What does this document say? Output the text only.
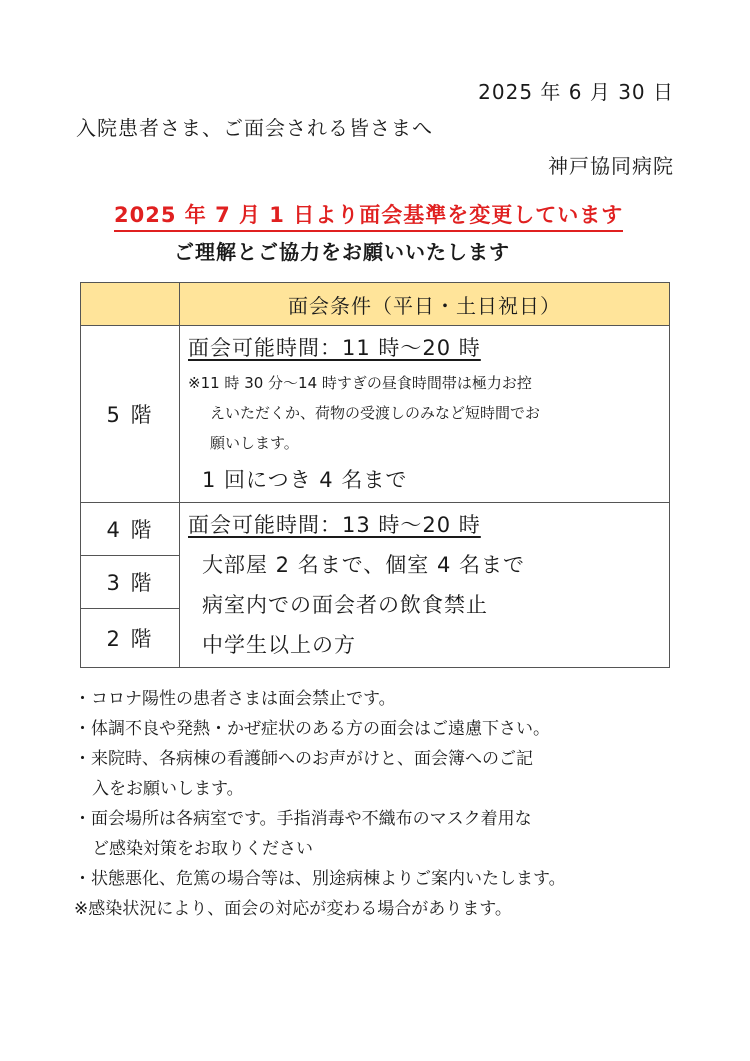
2025 年 6 月 30 日
入院患者さま、ご面会される皆さまへ
神戸協同病院
2025 年 7 月 1 日より面会基準を変更しています
ご理解とご協力をお願いいたします
	面会条件（平日・土日祝日）
5 階	面会可能時間：11 時～20 時
※11 時 30 分～14 時すぎの昼食時間帯は極力お控
えいただくか、荷物の受渡しのみなど短時間でお
願いします。
1 回につき 4 名まで

4 階	面会可能時間：13 時～20 時
大部屋 2 名まで、個室 4 名まで
病室内での面会者の飲食禁止
中学生以上の方

3 階	
2 階	
・コロナ陽性の患者さまは面会禁止です。
・体調不良や発熱・かぜ症状のある方の面会はご遠慮下さい。
・来院時、各病棟の看護師へのお声がけと、面会簿へのご記
入をお願いします。
・面会場所は各病室です。手指消毒や不織布のマスク着用な
ど感染対策をお取りください
・状態悪化、危篤の場合等は、別途病棟よりご案内いたします。
※感染状況により、面会の対応が変わる場合があります。
